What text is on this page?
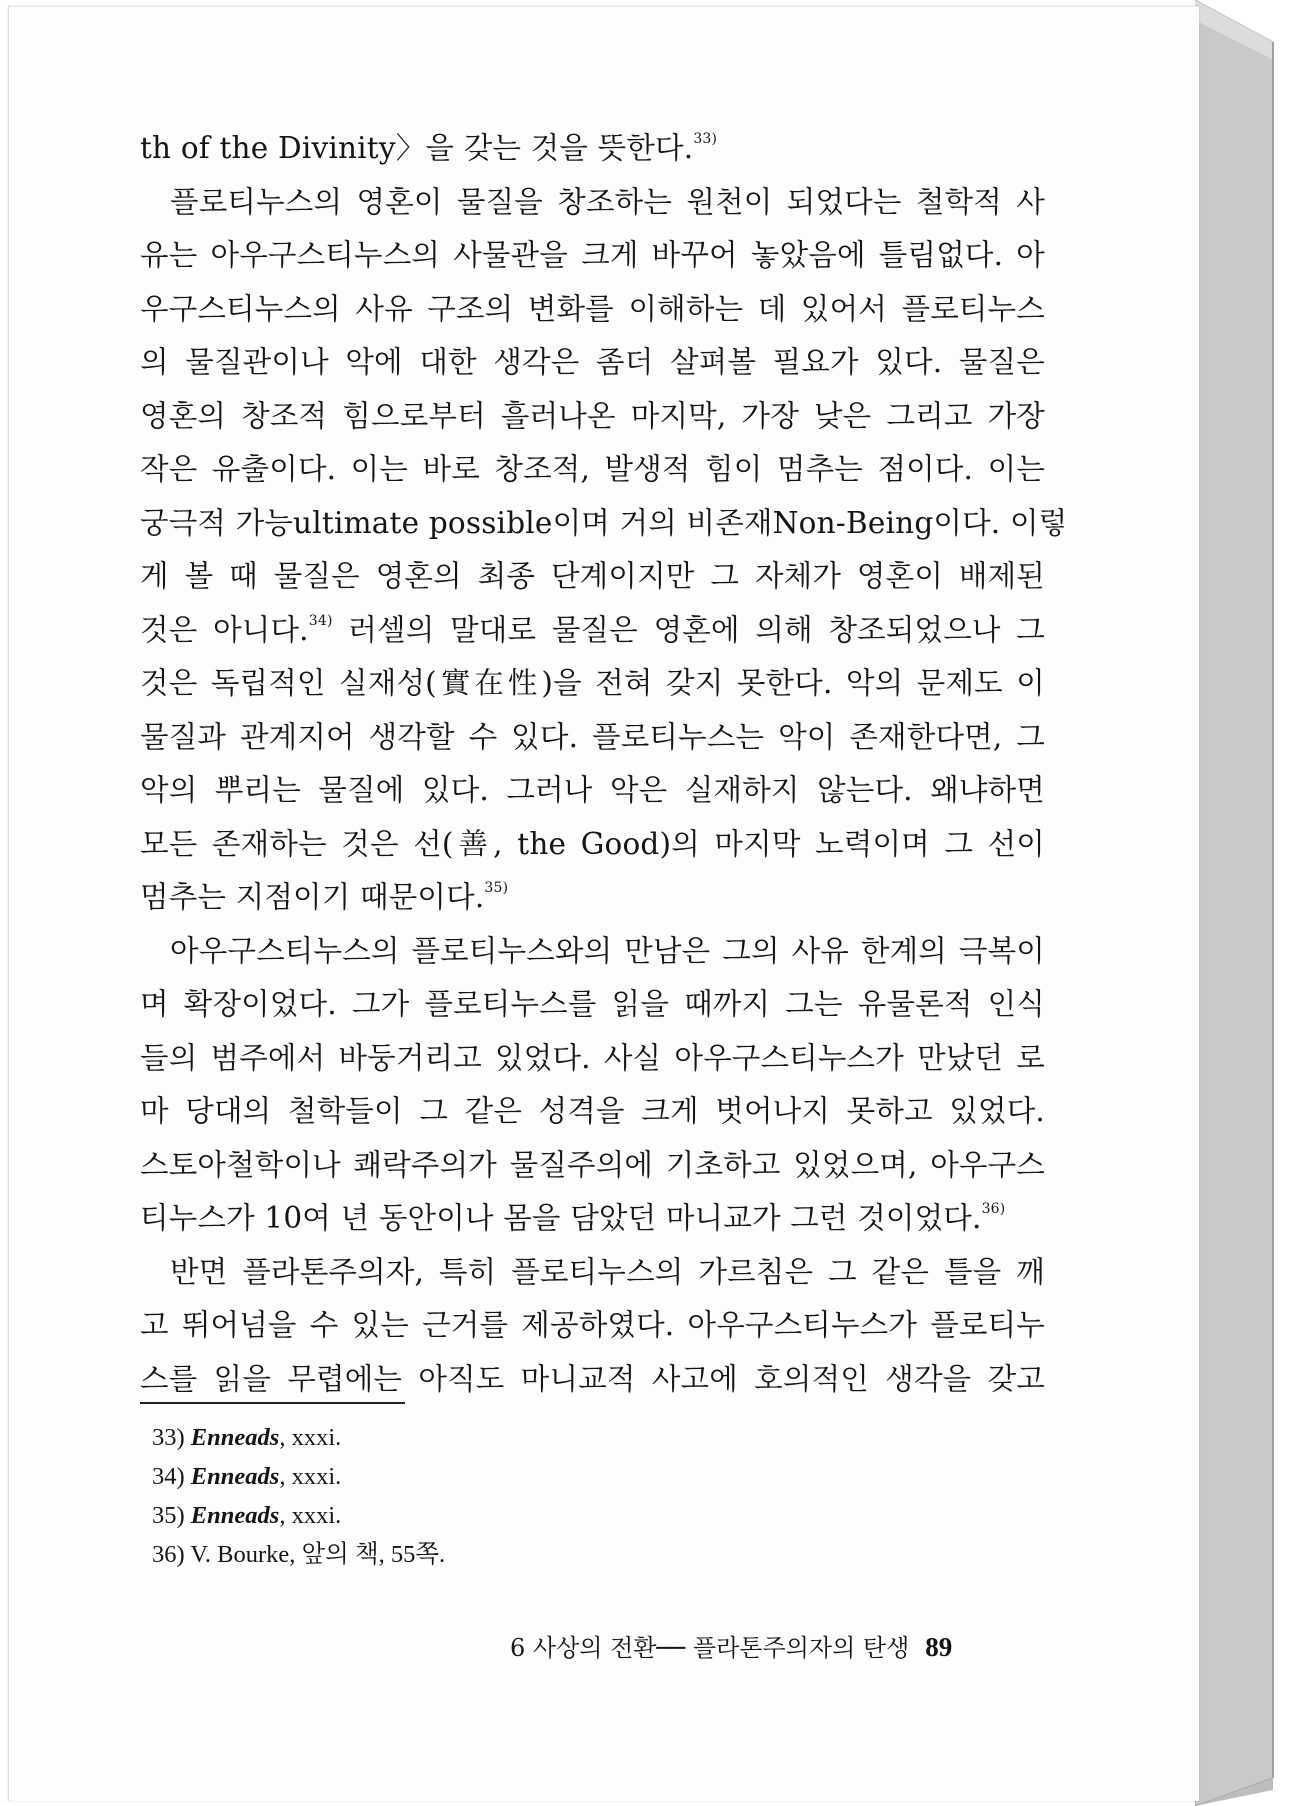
th of the Divinity〉을 갖는 것을 뜻한다.$^{33)}$
플로티누스의 영혼이 물질을 창조하는 원천이 되었다는 철학적 사
유는 아우구스티누스의 사물관을 크게 바꾸어 놓았음에 틀림없다. 아
우구스티누스의 사유 구조의 변화를 이해하는 데 있어서 플로티누스
의 물질관이나 악에 대한 생각은 좀더 살펴볼 필요가 있다. 물질은
영혼의 창조적 힘으로부터 흘러나온 마지막, 가장 낮은 그리고 가장
작은 유출이다. 이는 바로 창조적, 발생적 힘이 멈추는 점이다. 이는
궁극적 가능ultimate possible이며 거의 비존재Non-Being이다. 이렇
게 볼 때 물질은 영혼의 최종 단계이지만 그 자체가 영혼이 배제된
것은 아니다.$^{34)}$ 러셀의 말대로 물질은 영혼에 의해 창조되었으나 그
것은 독립적인 실재성(實在性)을 전혀 갖지 못한다. 악의 문제도 이
물질과 관계지어 생각할 수 있다. 플로티누스는 악이 존재한다면, 그
악의 뿌리는 물질에 있다. 그러나 악은 실재하지 않는다. 왜냐하면
모든 존재하는 것은 선(善, the Good)의 마지막 노력이며 그 선이
멈추는 지점이기 때문이다.$^{35)}$
아우구스티누스의 플로티누스와의 만남은 그의 사유 한계의 극복이
며 확장이었다. 그가 플로티누스를 읽을 때까지 그는 유물론적 인식
들의 범주에서 바둥거리고 있었다. 사실 아우구스티누스가 만났던 로
마 당대의 철학들이 그 같은 성격을 크게 벗어나지 못하고 있었다.
스토아철학이나 쾌락주의가 물질주의에 기초하고 있었으며, 아우구스
티누스가 10여 년 동안이나 몸을 담았던 마니교가 그런 것이었다.$^{36)}$
반면 플라톤주의자, 특히 플로티누스의 가르침은 그 같은 틀을 깨
고 뛰어넘을 수 있는 근거를 제공하였다. 아우구스티누스가 플로티누
스를 읽을 무렵에는 아직도 마니교적 사고에 호의적인 생각을 갖고
33) Enneads, xxxi.
34) Enneads, xxxi.
35) Enneads, xxxi.
36) V. Bourke, 앞의 책, 55쪽.
6 사상의 전환── 플라톤주의자의 탄생 89
